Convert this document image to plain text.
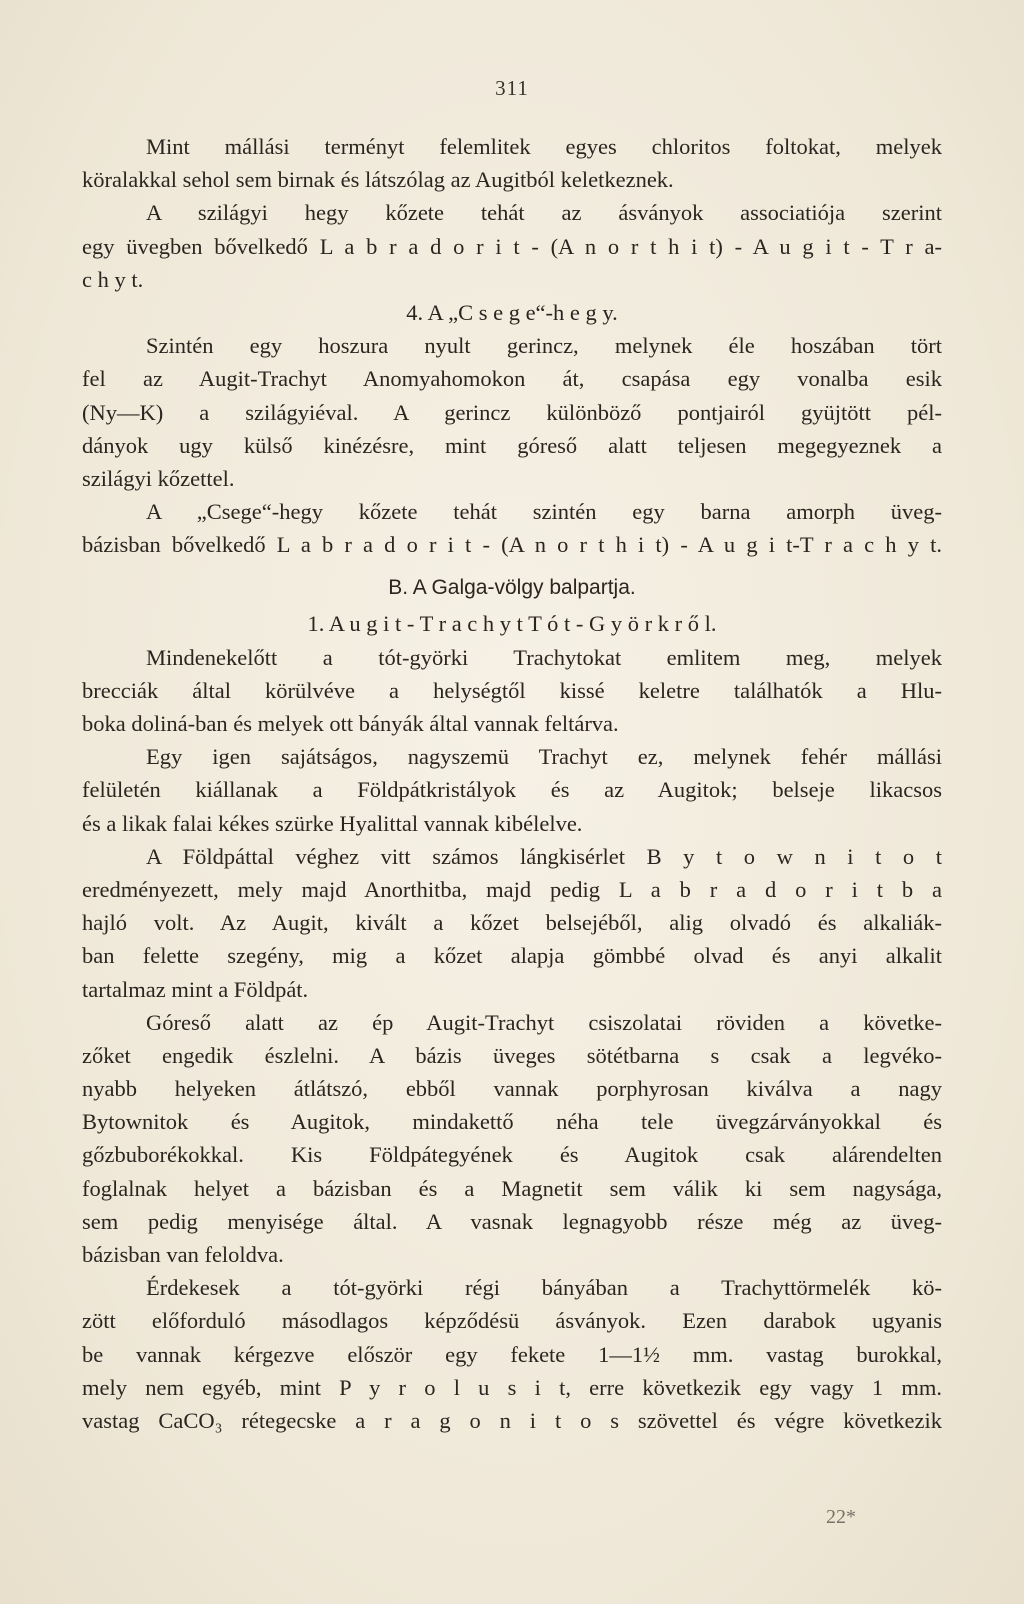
311
Mint mállási terményt felemlitek egyes chloritos foltokat, melyek
köralakkal sehol sem birnak és látszólag az Augitból keletkeznek.
A szilágyi hegy kőzete tehát az ásványok associatiója szerint
egy üvegben bővelkedő L a b r a d o r i t - (A n o r t h i t) - A u g i t - T r a-
c h y t.
4. A „C s e g e“-h e g y.
Szintén egy hoszura nyult gerincz, melynek éle hoszában tört
fel az Augit-Trachyt Anomyahomokon át, csapása egy vonalba esik
(Ny—K) a szilágyiéval. A gerincz különböző pontjairól gyüjtött pél-
dányok ugy külső kinézésre, mint góreső alatt teljesen megegyeznek a
szilágyi kőzettel.
A „Csege“-hegy kőzete tehát szintén egy barna amorph üveg-
bázisban bővelkedő L a b r a d o r i t - (A n o r t h i t) - A u g i t-T r a c h y t.
B. A Galga-völgy balpartja.
1. A u g i t - T r a c h y t T ó t - G y ö r k r ő l.
Mindenekelőtt a tót-györki Trachytokat emlitem meg, melyek
brecciák által körülvéve a helységtől kissé keletre találhatók a Hlu-
boka doliná-ban és melyek ott bányák által vannak feltárva.
Egy igen sajátságos, nagyszemü Trachyt ez, melynek fehér mállási
felületén kiállanak a Földpátkristályok és az Augitok; belseje likacsos
és a likak falai kékes szürke Hyalittal vannak kibélelve.
A Földpáttal véghez vitt számos lángkisérlet B y t o w n i t o t
eredményezett, mely majd Anorthitba, majd pedig L a b r a d o r i t b a
hajló volt. Az Augit, kivált a kőzet belsejéből, alig olvadó és alkaliák-
ban felette szegény, mig a kőzet alapja gömbbé olvad és anyi alkalit
tartalmaz mint a Földpát.
Góreső alatt az ép Augit-Trachyt csiszolatai röviden a követke-
zőket engedik észlelni. A bázis üveges sötétbarna s csak a legvéko-
nyabb helyeken átlátszó, ebből vannak porphyrosan kiválva a nagy
Bytownitok és Augitok, mindakettő néha tele üvegzárványokkal és
gőzbuborékokkal. Kis Földpátegyének és Augitok csak alárendelten
foglalnak helyet a bázisban és a Magnetit sem válik ki sem nagysága,
sem pedig menyisége által. A vasnak legnagyobb része még az üveg-
bázisban van feloldva.
Érdekesek a tót-györki régi bányában a Trachyttörmelék kö-
zött előforduló másodlagos képződésü ásványok. Ezen darabok ugyanis
be vannak kérgezve először egy fekete 1—1½ mm. vastag burokkal,
mely nem egyéb, mint P y r o l u s i t, erre következik egy vagy 1 mm.
vastag CaCO₃ rétegecske a r a g o n i t o s szövettel és végre következik
22*
